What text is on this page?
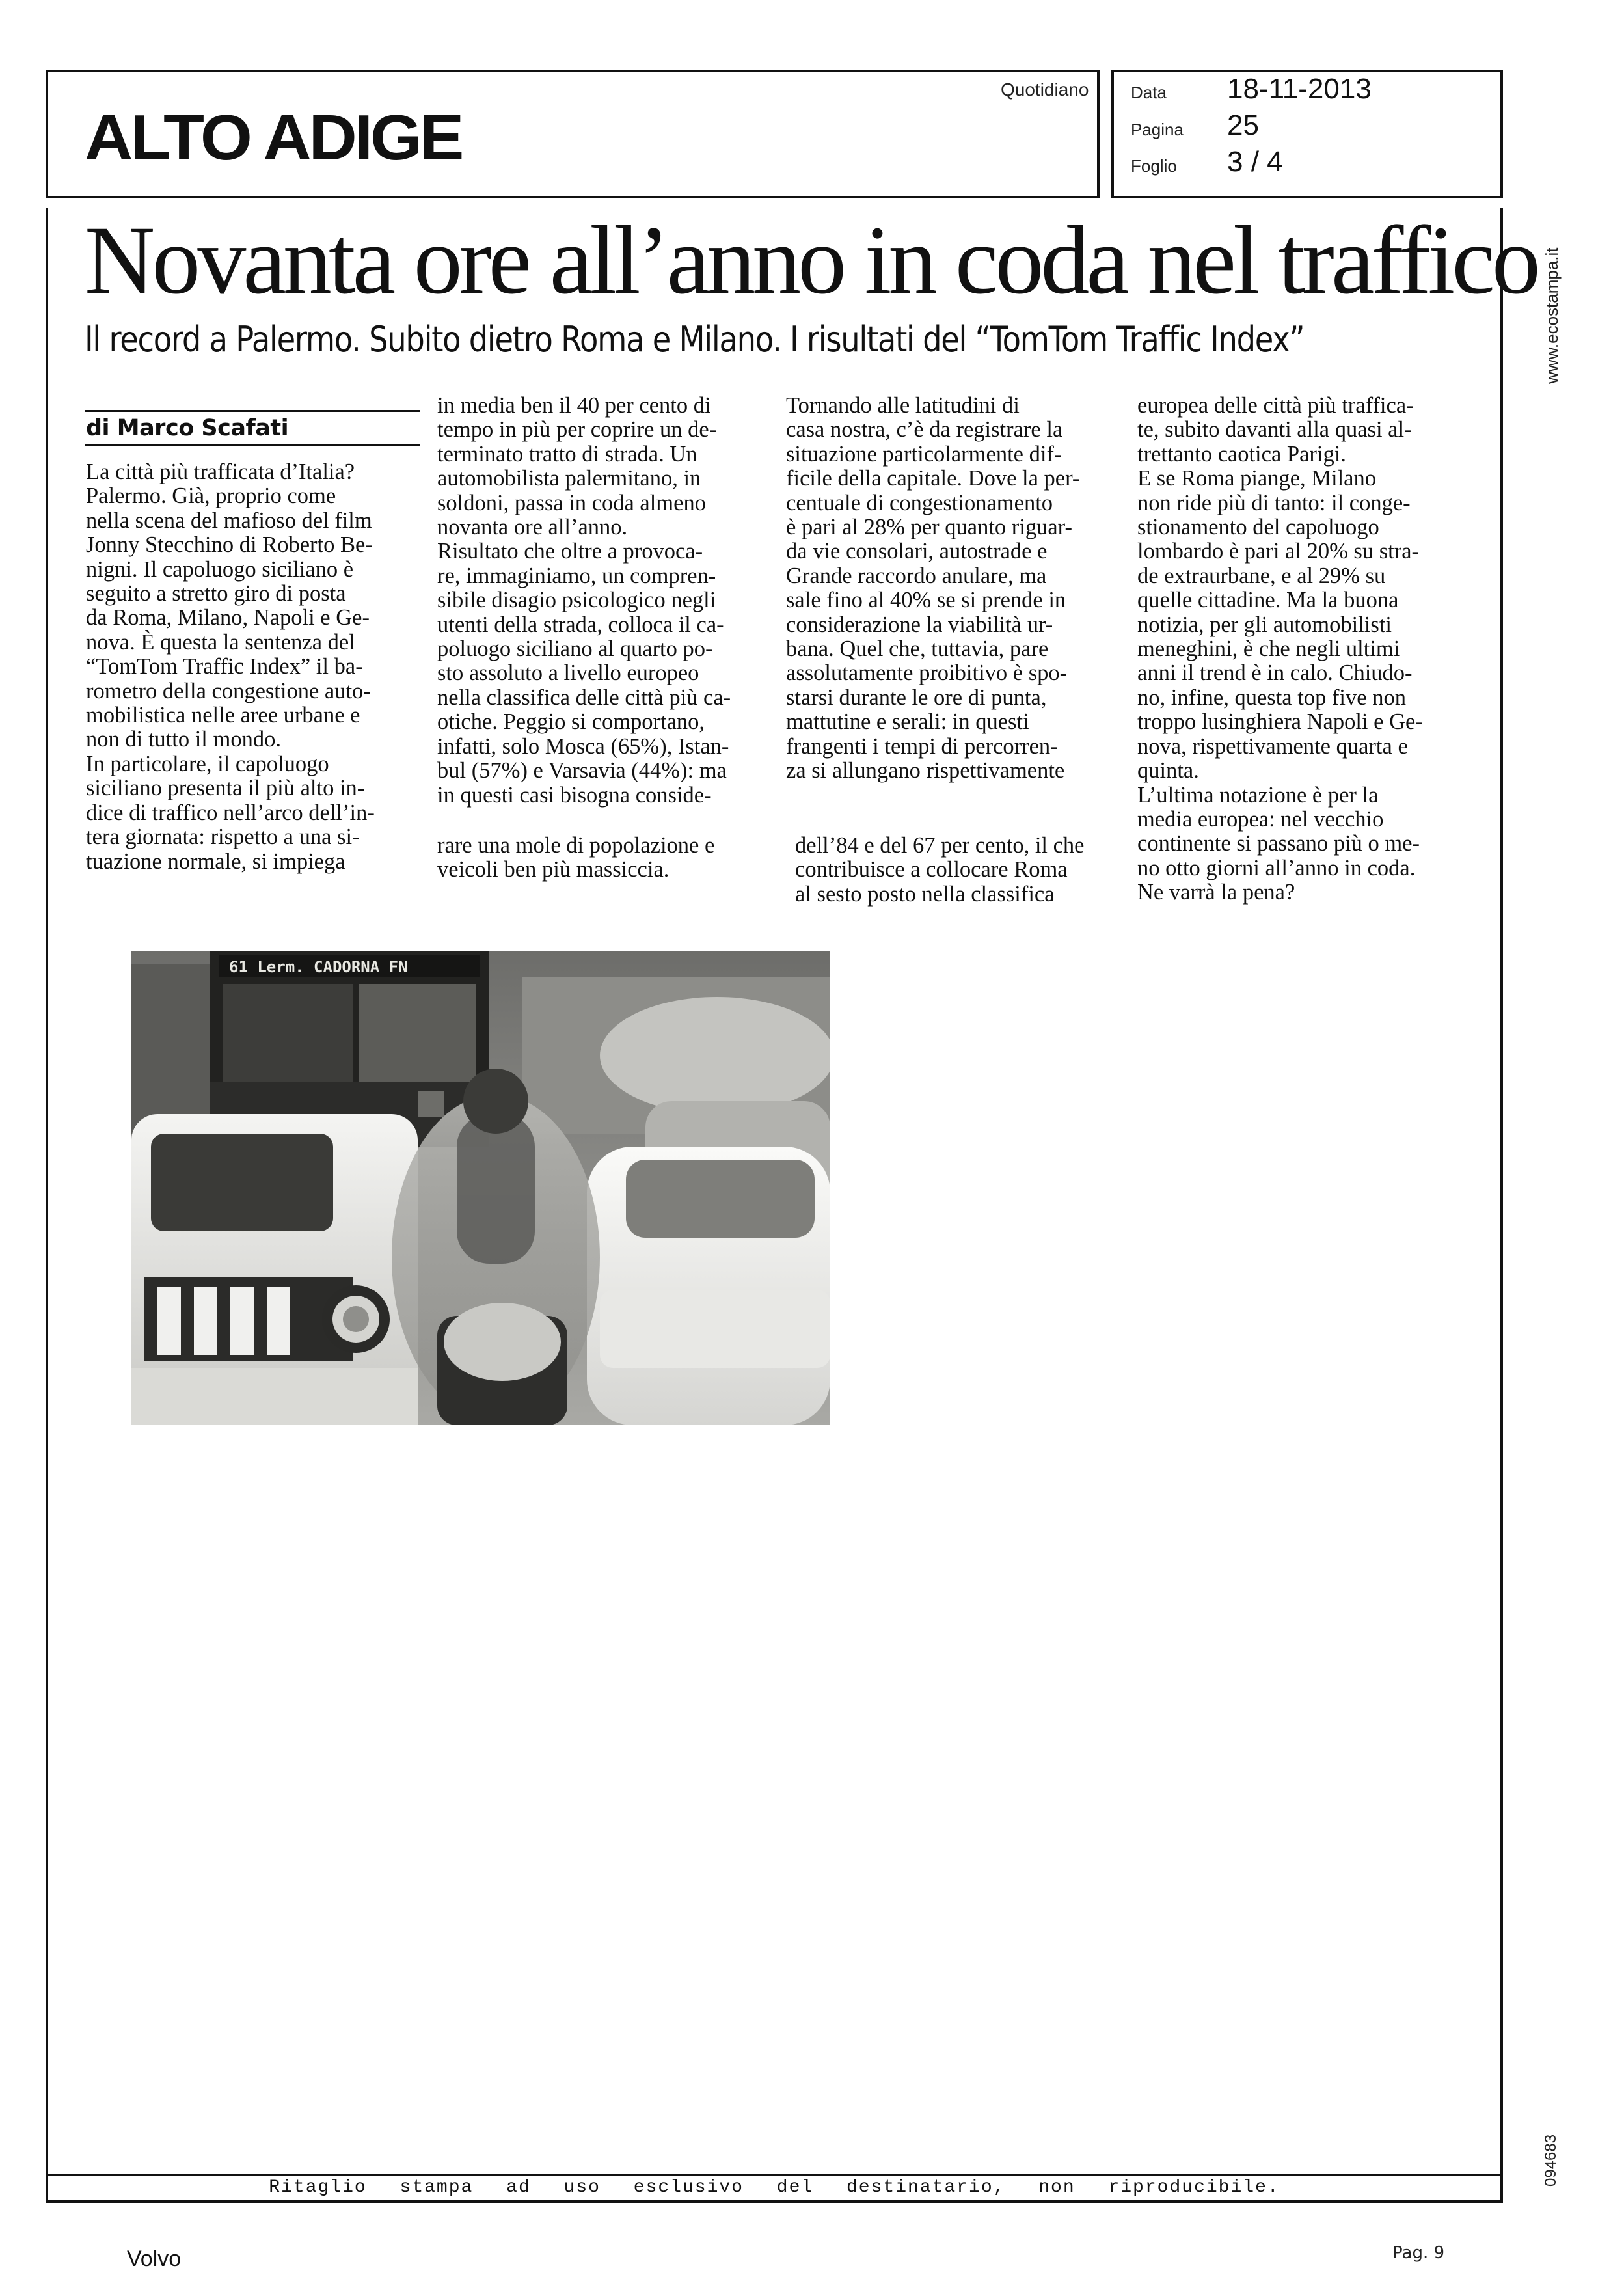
ALTO ADIGE
Quotidiano Data 18-11-2013
Pagina 25
Foglio 3 / 4
Ritaglio stampa ad uso esclusivo del destinatario, non riproducibile.
www.ecostampa.it
094683
Novanta ore all’anno in coda nel traffico
Il record a Palermo. Subito dietro Roma e Milano. I risultati del “TomTom Traffic Index”
di Marco Scafati
La città più trafficata d’Italia?
Palermo. Già, proprio come
nella scena del mafioso del film
Jonny Stecchino di Roberto Be-
nigni. Il capoluogo siciliano è
seguito a stretto giro di posta
da Roma, Milano, Napoli e Ge-
nova. È questa la sentenza del
“TomTom Traffic Index” il ba-
rometro della congestione auto-
mobilistica nelle aree urbane e
non di tutto il mondo.
In particolare, il capoluogo
siciliano presenta il più alto in-
dice di traffico nell’arco dell’in-
tera giornata: rispetto a una si-
tuazione normale, si impiega
in media ben il 40 per cento di
tempo in più per coprire un de-
terminato tratto di strada. Un
automobilista palermitano, in
soldoni, passa in coda almeno
novanta ore all’anno.
Risultato che oltre a provoca-
re, immaginiamo, un compren-
sibile disagio psicologico negli
utenti della strada, colloca il ca-
poluogo siciliano al quarto po-
sto assoluto a livello europeo
nella classifica delle città più ca-
otiche. Peggio si comportano,
infatti, solo Mosca (65%), Istan-
bul (57%) e Varsavia (44%): ma
in questi casi bisogna conside-
rare una mole di popolazione e
veicoli ben più massiccia.
Tornando alle latitudini di
casa nostra, c’è da registrare la
situazione particolarmente dif-
ficile della capitale. Dove la per-
centuale di congestionamento
è pari al 28% per quanto riguar-
da vie consolari, autostrade e
Grande raccordo anulare, ma
sale fino al 40% se si prende in
considerazione la viabilità ur-
bana. Quel che, tuttavia, pare
assolutamente proibitivo è spo-
starsi durante le ore di punta,
mattutine e serali: in questi
frangenti i tempi di percorren-
za si allungano rispettivamente
dell’84 e del 67 per cento, il che
contribuisce a collocare Roma
al sesto posto nella classifica
europea delle città più traffica-
te, subito davanti alla quasi al-
trettanto caotica Parigi.
E se Roma piange, Milano
non ride più di tanto: il conge-
stionamento del capoluogo
lombardo è pari al 20% su stra-
de extraurbane, e al 29% su
quelle cittadine. Ma la buona
notizia, per gli automobilisti
meneghini, è che negli ultimi
anni il trend è in calo. Chiudo-
no, infine, questa top five non
troppo lusinghiera Napoli e Ge-
nova, rispettivamente quarta e
quinta.
L’ultima notazione è per la
media europea: nel vecchio
continente si passano più o me-
no otto giorni all’anno in coda.
Ne varrà la pena?
61 Lerm. CADORNA FN
Volvo	Pag. 9
